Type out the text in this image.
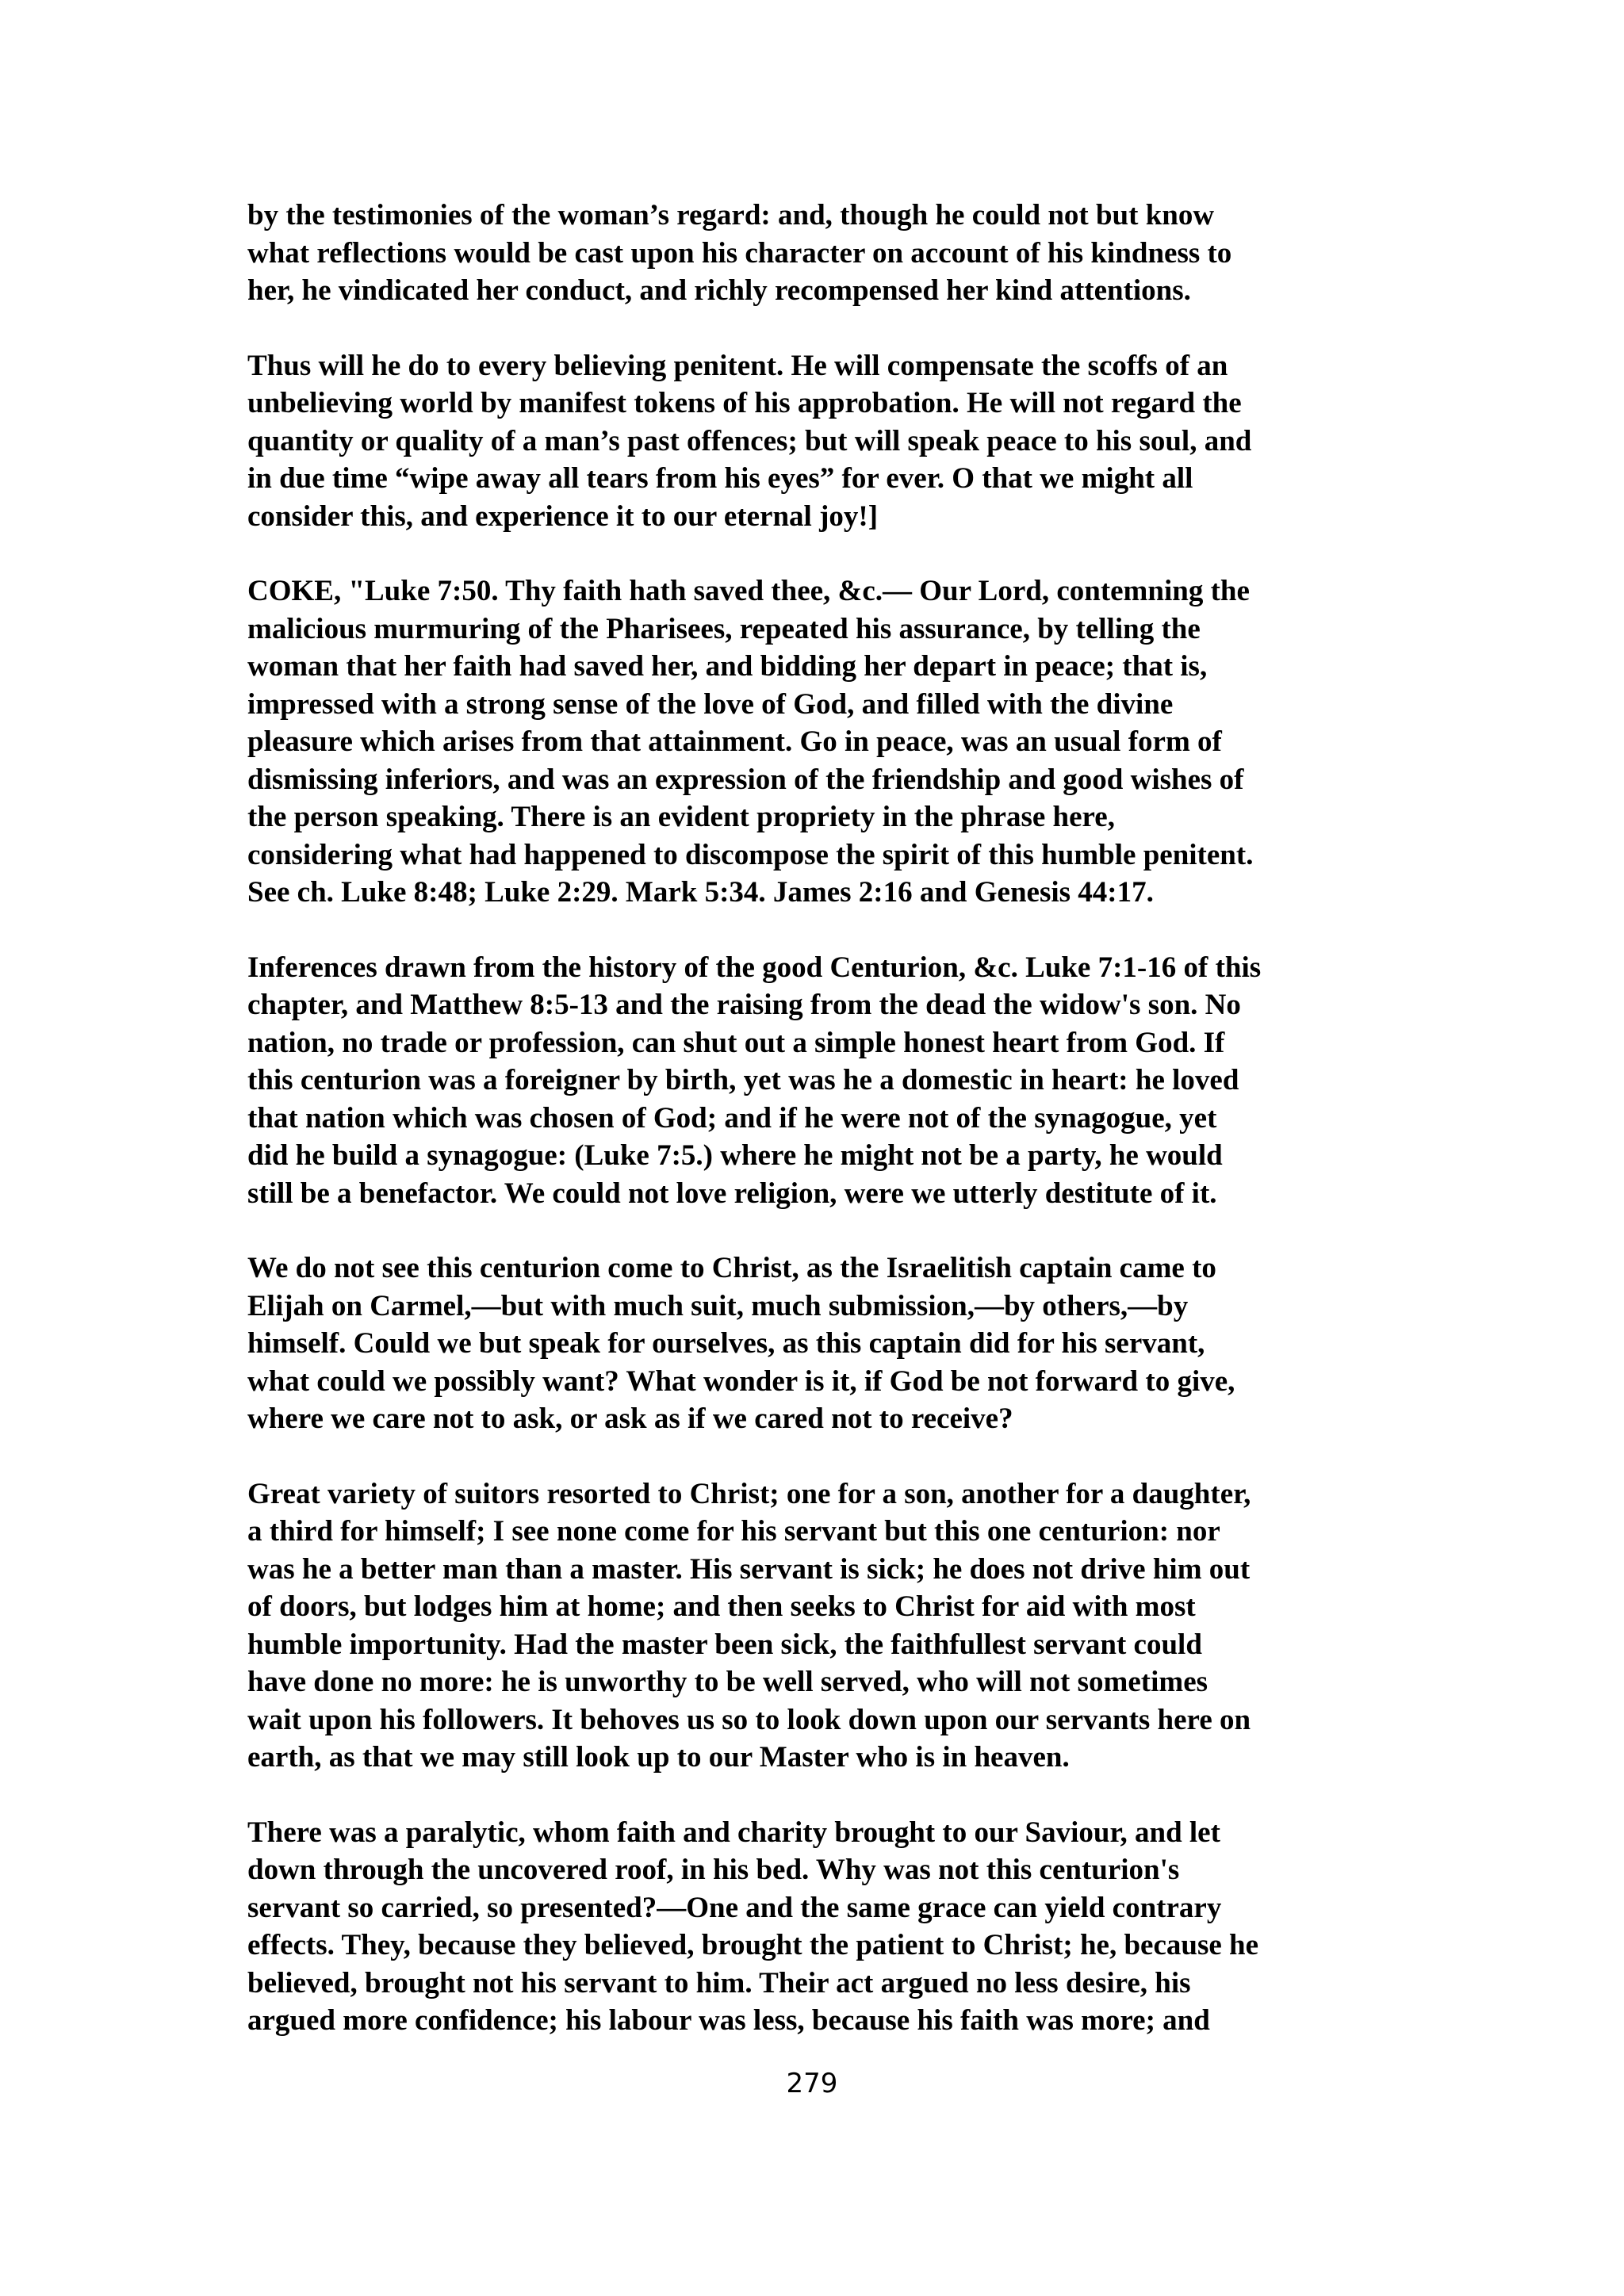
by the testimonies of the woman’s regard: and, though he could not but know
what reflections would be cast upon his character on account of his kindness to
her, he vindicated her conduct, and richly recompensed her kind attentions.

Thus will he do to every believing penitent. He will compensate the scoffs of an
unbelieving world by manifest tokens of his approbation. He will not regard the
quantity or quality of a man’s past offences; but will speak peace to his soul, and
in due time “wipe away all tears from his eyes” for ever. O that we might all
consider this, and experience it to our eternal joy!]

COKE, "Luke 7:50. Thy faith hath saved thee, &c.— Our Lord, contemning the
malicious murmuring of the Pharisees, repeated his assurance, by telling the
woman that her faith had saved her, and bidding her depart in peace; that is,
impressed with a strong sense of the love of God, and filled with the divine
pleasure which arises from that attainment. Go in peace, was an usual form of
dismissing inferiors, and was an expression of the friendship and good wishes of
the person speaking. There is an evident propriety in the phrase here,
considering what had happened to discompose the spirit of this humble penitent.
See ch. Luke 8:48; Luke 2:29. Mark 5:34. James 2:16 and Genesis 44:17.

Inferences drawn from the history of the good Centurion, &c. Luke 7:1-16 of this
chapter, and Matthew 8:5-13 and the raising from the dead the widow's son. No
nation, no trade or profession, can shut out a simple honest heart from God. If
this centurion was a foreigner by birth, yet was he a domestic in heart: he loved
that nation which was chosen of God; and if he were not of the synagogue, yet
did he build a synagogue: (Luke 7:5.) where he might not be a party, he would
still be a benefactor. We could not love religion, were we utterly destitute of it.

We do not see this centurion come to Christ, as the Israelitish captain came to
Elijah on Carmel,—but with much suit, much submission,—by others,—by
himself. Could we but speak for ourselves, as this captain did for his servant,
what could we possibly want? What wonder is it, if God be not forward to give,
where we care not to ask, or ask as if we cared not to receive?

Great variety of suitors resorted to Christ; one for a son, another for a daughter,
a third for himself; I see none come for his servant but this one centurion: nor
was he a better man than a master. His servant is sick; he does not drive him out
of doors, but lodges him at home; and then seeks to Christ for aid with most
humble importunity. Had the master been sick, the faithfullest servant could
have done no more: he is unworthy to be well served, who will not sometimes
wait upon his followers. It behoves us so to look down upon our servants here on
earth, as that we may still look up to our Master who is in heaven.

There was a paralytic, whom faith and charity brought to our Saviour, and let
down through the uncovered roof, in his bed. Why was not this centurion's
servant so carried, so presented?—One and the same grace can yield contrary
effects. They, because they believed, brought the patient to Christ; he, because he
believed, brought not his servant to him. Their act argued no less desire, his
argued more confidence; his labour was less, because his faith was more; and

279
